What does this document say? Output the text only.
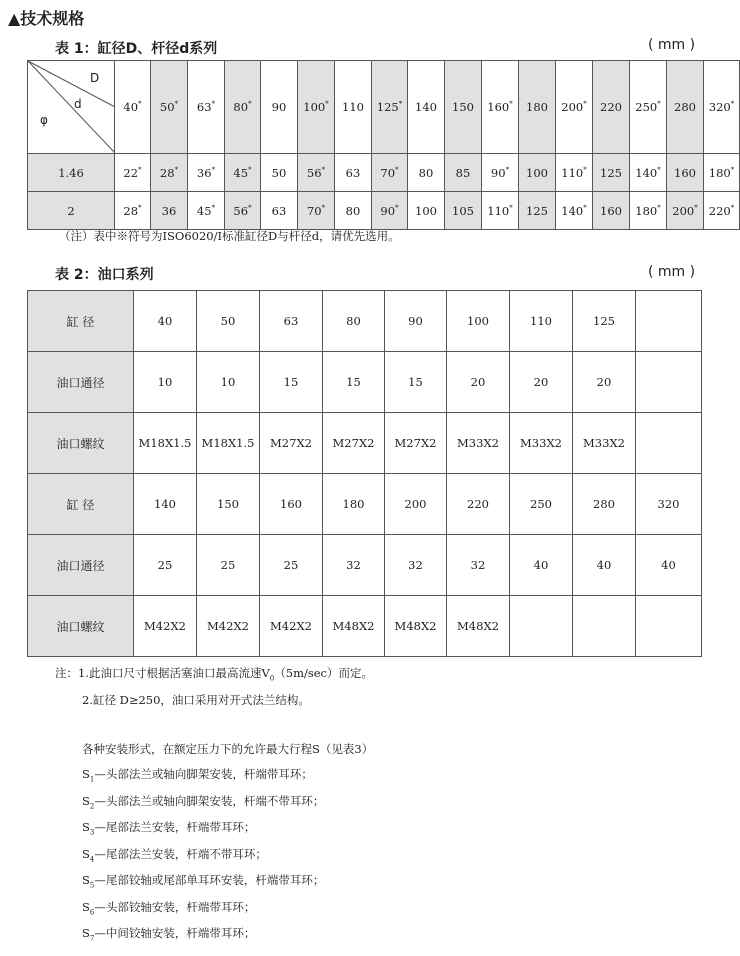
▲技术规格
表 1：缸径D、杆径d系列	( mm )
D
d
φ	40*	50*	63*	80*	90	100*	110	125*	140	150	160*	180	200*	220	250*	280	320*
1.46	22*	28*	36*	45*	50	56*	63	70*	80	85	90*	100	110*	125	140*	160	180*
2	28*	36	45*	56*	63	70*	80	90*	100	105	110*	125	140*	160	180*	200*	220*
（注）表中※符号为ISO6020/I标准缸径D与杆径d，请优先选用。
表 2：油口系列	( mm )
缸 径	40	50	63	80	90	100	110	125	
油口通径	10	10	15	15	15	20	20	20	
油口螺纹	M18X1.5	M18X1.5	M27X2	M27X2	M27X2	M33X2	M33X2	M33X2	
缸 径	140	150	160	180	200	220	250	280	320
油口通径	25	25	25	32	32	32	40	40	40
油口螺纹	M42X2	M42X2	M42X2	M48X2	M48X2	M48X2			
注：1.此油口尺寸根据活塞油口最高流速$V_0(5m/\sec)$而定。
2.缸径 D≥250，油口采用对开式法兰结构。
各种安装形式，在额定压力下的允许最大行程S（见表3）
$S_1—$头部法兰或轴向脚架安装，杆端带耳环；
$S_2—$头部法兰或轴向脚架安装，杆端不带耳环；
$S_3—$尾部法兰安装，杆端带耳环；
$S_4—$尾部法兰安装，杆端不带耳环；
$S_5—$尾部铰轴或尾部单耳环安装，杆端带耳环；
$S_6—$头部铰轴安装，杆端带耳环；
$S_7—$中间铰轴安装，杆端带耳环；
